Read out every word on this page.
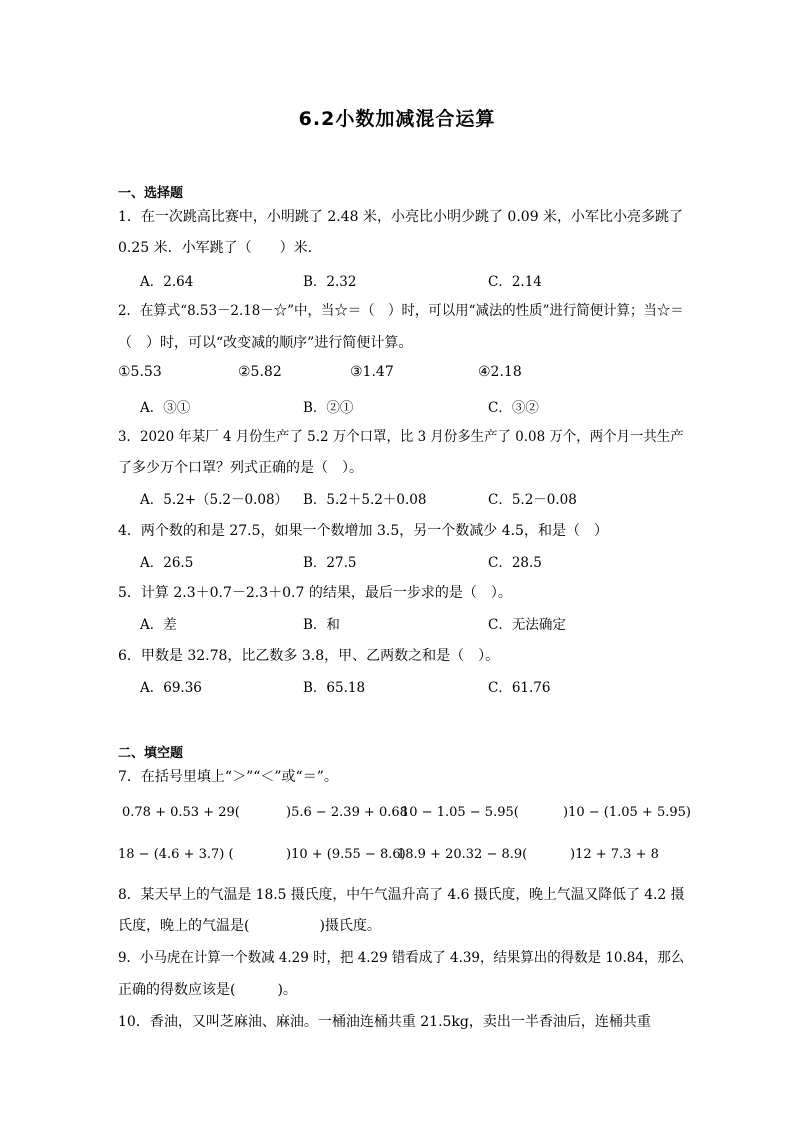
6.2小数加减混合运算
一、选择题
1．在一次跳高比赛中，小明跳了 2.48 米，小亮比小明少跳了 0.09 米，小军比小亮多跳了
0.25 米．小军跳了（　　）米．
A．2.64	B．2.32	C．2.14
2．在算式“8.53－2.18－☆”中，当☆＝（　）时，可以用“减法的性质”进行简便计算；当☆＝
（　）时，可以“改变减的顺序”进行简便计算。
①5.53	②5.82	③1.47	④2.18
A．③①	B．②①	C．③②
3．2020 年某厂 4 月份生产了 5.2 万个口罩，比 3 月份多生产了 0.08 万个，两个月一共生产
了多少万个口罩？列式正确的是（　）。
A．5.2+（5.2－0.08） B．5.2＋5.2＋0.08	C．5.2－0.08
4．两个数的和是 27.5，如果一个数增加 3.5，另一个数减少 4.5，和是（　）
A．26.5	B．27.5	C．28.5
5．计算 2.3＋0.7－2.3＋0.7 的结果，最后一步求的是（　）。
A．差	B．和	C．无法确定
6．甲数是 32.78，比乙数多 3.8，甲、乙两数之和是（　）。
A．69.36	B．65.18	C．61.76
二、填空题
7．在括号里填上“＞”“＜”或“＝”。
0.78 + 0.53 + 29(	)5.6 − 2.39 + 0.68
10 − 1.05 − 5.95(	)10 − (1.05 + 5.95)
18 − (4.6 + 3.7) (	)10 + (9.55 − 8.6)
18.9 + 20.32 − 8.9(	)12 + 7.3 + 8
8．某天早上的气温是 18.5 摄氏度，中午气温升高了 4.6 摄氏度，晚上气温又降低了 4.2 摄
氏度，晚上的气温是(　　　　　)摄氏度。
9．小马虎在计算一个数减 4.29 时，把 4.29 错看成了 4.39，结果算出的得数是 10.84，那么
正确的得数应该是(　　　)。
10．香油，又叫芝麻油、麻油。一桶油连桶共重 21.5kg，卖出一半香油后，连桶共重
